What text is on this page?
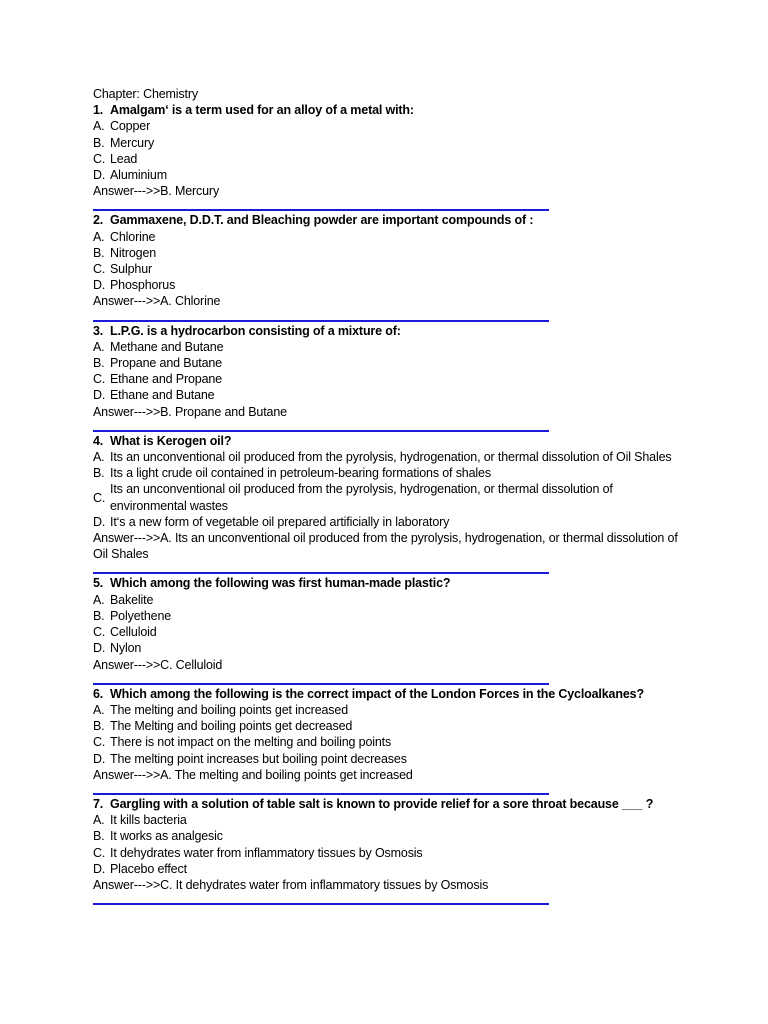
Chapter: Chemistry

1. Amalgam‘ is a term used for an alloy of a metal with:
A. Copper
B. Mercury
C. Lead
D. Aluminium

Answer--->>B. Mercury

2. Gammaxene, D.D.T. and Bleaching powder are important compounds of :
A. Chlorine
B. Nitrogen
C. Sulphur
D. Phosphorus

Answer--->>A. Chlorine

3. L.P.G. is a hydrocarbon consisting of a mixture of:
A. Methane and Butane
B. Propane and Butane
C. Ethane and Propane
D. Ethane and Butane

Answer--->>B. Propane and Butane

4. What is Kerogen oil?
A. Its an unconventional oil produced from the pyrolysis, hydrogenation, or thermal dissolution of Oil Shales
B. Its a light crude oil contained in petroleum-bearing formations of shales
C.
Its an unconventional oil produced from the pyrolysis, hydrogenation, or thermal dissolution of environmental wastes
D. It‘s a new form of vegetable oil prepared artificially in laboratory

Answer--->>A. Its an unconventional oil produced from the pyrolysis, hydrogenation, or thermal dissolution of Oil Shales

5. Which among the following was first human-made plastic?
A. Bakelite
B. Polyethene
C. Celluloid
D. Nylon

Answer--->>C. Celluloid

6. Which among the following is the correct impact of the London Forces in the Cycloalkanes?
A. The melting and boiling points get increased
B. The Melting and boiling points get decreased
C. There is not impact on the melting and boiling points
D. The melting point increases but boiling point decreases

Answer--->>A. The melting and boiling points get increased

7. Gargling with a solution of table salt is known to provide relief for a sore throat because ___ ?
A. It kills bacteria
B. It works as analgesic
C. It dehydrates water from inflammatory tissues by Osmosis
D. Placebo effect

Answer--->>C. It dehydrates water from inflammatory tissues by Osmosis
